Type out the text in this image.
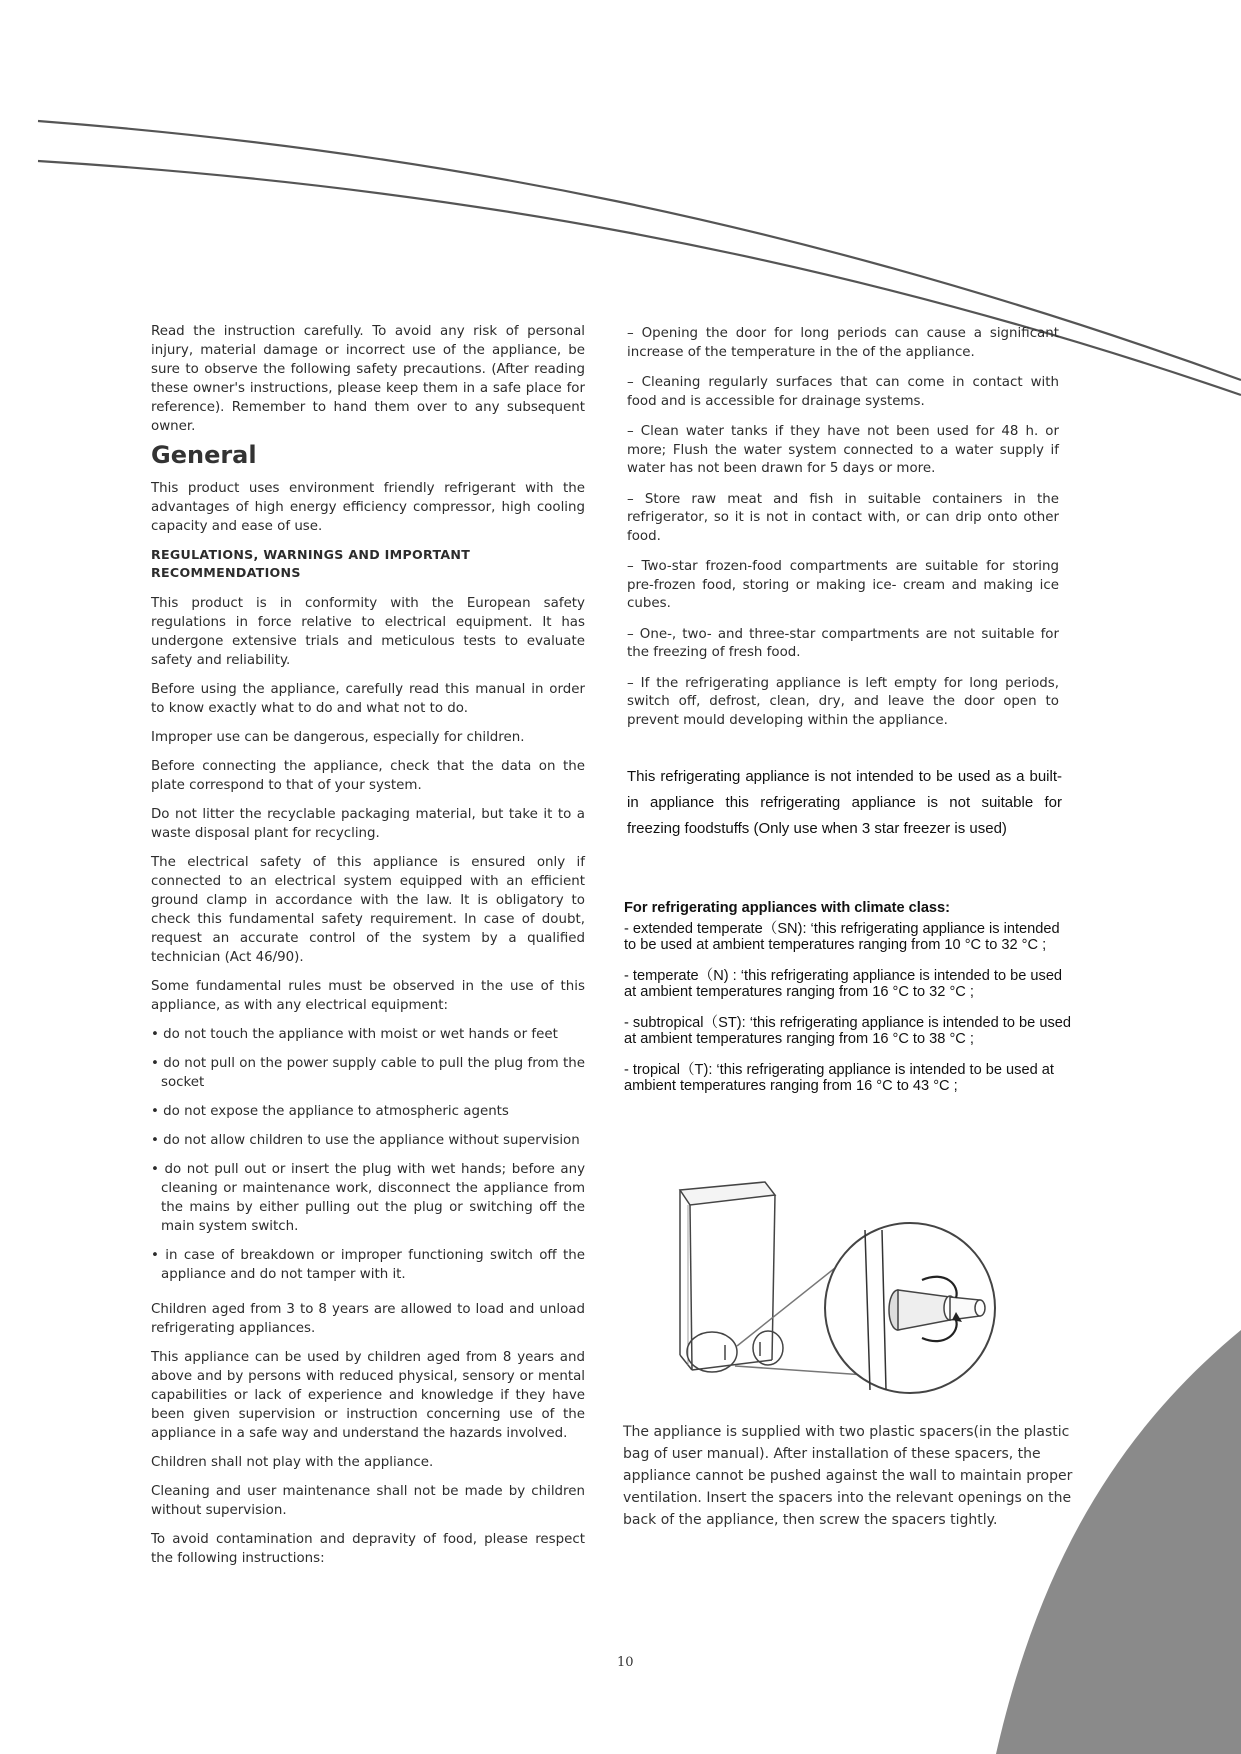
Read the instruction carefully. To avoid any risk of personal injury, material damage or incorrect use of the appliance, be sure to observe the following safety precautions. (After reading these owner's instructions, please keep them in a safe place for reference). Remember to hand them over to any subsequent owner.

General

This product uses environment friendly refrigerant with the advantages of high energy efficiency compressor, high cooling capacity and ease of use.

REGULATIONS, WARNINGS AND IMPORTANT RECOMMENDATIONS

This product is in conformity with the European safety regulations in force relative to electrical equipment. It has undergone extensive trials and meticulous tests to evaluate safety and reliability.

Before using the appliance, carefully read this manual in order to know exactly what to do and what not to do.

Improper use can be dangerous, especially for children.

Before connecting the appliance, check that the data on the plate correspond to that of your system.

Do not litter the recyclable packaging material, but take it to a waste disposal plant for recycling.

The electrical safety of this appliance is ensured only if connected to an electrical system equipped with an efficient ground clamp in accordance with the law. It is obligatory to check this fundamental safety requirement. In case of doubt, request an accurate control of the system by a qualified technician (Act 46/90).

Some fundamental rules must be observed in the use of this appliance, as with any electrical equipment:

• do not touch the appliance with moist or wet hands or feet

• do not pull on the power supply cable to pull the plug from the socket

• do not expose the appliance to atmospheric agents

• do not allow children to use the appliance without supervision

• do not pull out or insert the plug with wet hands; before any cleaning or maintenance work, disconnect the appliance from the mains by either pulling out the plug or switching off the main system switch.

• in case of breakdown or improper functioning switch off the appliance and do not tamper with it.

Children aged from 3 to 8 years are allowed to load and unload refrigerating appliances.

This appliance can be used by children aged from 8 years and above and by persons with reduced physical, sensory or mental capabilities or lack of experience and knowledge if they have been given supervision or instruction concerning use of the appliance in a safe way and understand the hazards involved.

Children shall not play with the appliance.

Cleaning and user maintenance shall not be made by children without supervision.

To avoid contamination and depravity of food, please respect the following instructions:

– Opening the door for long periods can cause a significant increase of the temperature in the of the appliance.

– Cleaning regularly surfaces that can come in contact with food and is accessible for drainage systems.

– Clean water tanks if they have not been used for 48 h. or more; Flush the water system connected to a water supply if water has not been drawn for 5 days or more.

– Store raw meat and fish in suitable containers in the refrigerator, so it is not in contact with, or can drip onto other food.

– Two-star frozen-food compartments are suitable for storing pre-frozen food, storing or making ice- cream and making ice cubes.

– One-, two- and three-star compartments are not suitable for the freezing of fresh food.

– If the refrigerating appliance is left empty for long periods, switch off, defrost, clean, dry, and leave the door open to prevent mould developing within the appliance.

This refrigerating appliance is not intended to be used as a built-in appliance this refrigerating appliance is not suitable for freezing foodstuffs (Only use when 3 star freezer is used)
For refrigerating appliances with climate class:

- extended temperate（SN): ‘this refrigerating appliance is intended to be used at ambient temperatures ranging from 10 °C to 32 °C ;

- temperate（N) : ‘this refrigerating appliance is intended to be used at ambient temperatures ranging from 16 °C to 32 °C ;

- subtropical（ST): ‘this refrigerating appliance is intended to be used at ambient temperatures ranging from 16 °C to 38 °C ;

- tropical（T): ‘this refrigerating appliance is intended to be used at ambient temperatures ranging from 16 °C to 43 °C ;

The appliance is supplied with two plastic spacers(in the plastic bag of user manual). After installation of these spacers, the appliance cannot be pushed against the wall to maintain proper ventilation. Insert the spacers into the relevant openings on the back of the appliance, then screw the spacers tightly.
10
